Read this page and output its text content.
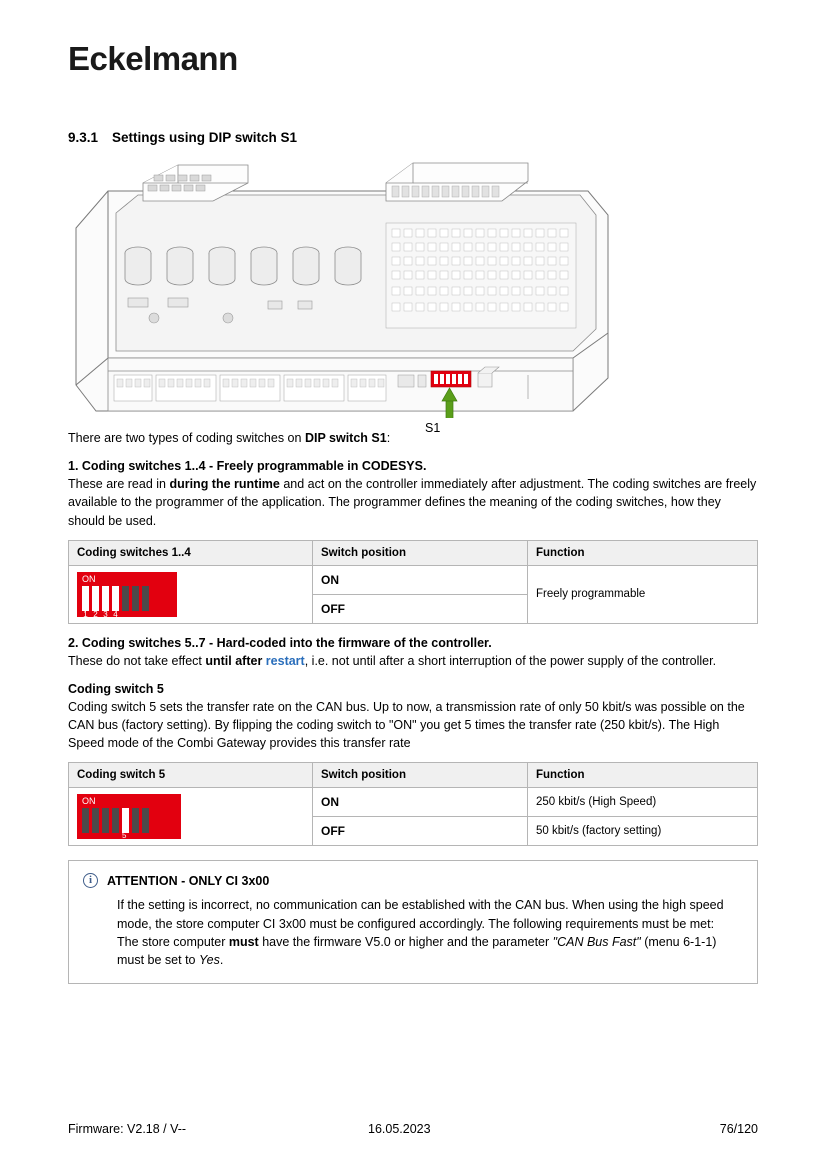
Eckelmann
9.3.1 Settings using DIP switch S1
S1

There are two types of coding switches on DIP switch S1:

1. Coding switches 1..4 - Freely programmable in CODESYS.

These are read in during the runtime and act on the controller immediately after adjustment. The coding switches are freely available to the programmer of the application. The programmer defines the meaning of the coding switches, how they should be used.

Coding switches 1..4	Switch position	Function

ON
1 2 3 4	ON	Freely programmable
	OFF	

2. Coding switches 5..7 - Hard-coded into the firmware of the controller.

These do not take effect until after restart, i.e. not until after a short interruption of the power supply of the controller.

Coding switch 5

Coding switch 5 sets the transfer rate on the CAN bus. Up to now, a transmission rate of only 50 kbit/s was possible on the CAN bus (factory setting). By flipping the coding switch to "ON" you get 5 times the transfer rate (250 kbit/s). The High Speed mode of the Combi Gateway provides this transfer rate

Coding switch 5	Switch position	Function

ON
5	ON	250 kbit/s (High Speed)
	OFF	50 kbit/s (factory setting)
i	ATTENTION - ONLY CI 3x00

If the setting is incorrect, no communication can be established with the CAN bus. When using the high speed mode, the store computer CI 3x00 must be configured accordingly. The following requirements must be met:

The store computer must have the firmware V5.0 or higher and the parameter "CAN Bus Fast" (menu 6-1-1) must be set to Yes.

Firmware: V2.18 / V--	16.05.2023	76/120
